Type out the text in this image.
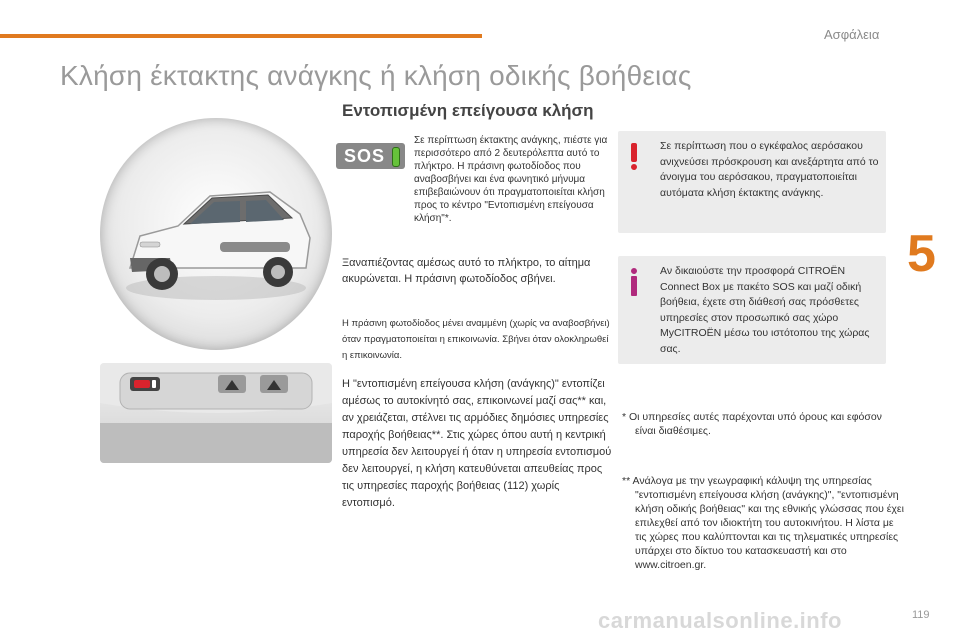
Ασφάλεια
Κλήση έκτακτης ανάγκης ή κλήση οδικής βοήθειας
Εντοπισμένη επείγουσα κλήση
5
SOS
Σε περίπτωση έκτακτης ανάγκης, πιέστε για περισσότερο από 2 δευτερόλεπτα αυτό το πλήκτρο. Η πράσινη φωτοδίοδος που αναβοσβήνει και ένα φωνητικό μήνυμα επιβεβαιώνουν ότι πραγματοποιείται κλήση προς το κέντρο "Εντοπισμένη επείγουσα κλήση"*.
Ξαναπιέζοντας αμέσως αυτό το πλήκτρο, το αίτημα ακυρώνεται. Η πράσινη φωτοδίοδος σβήνει.
Η πράσινη φωτοδίοδος μένει αναμμένη (χωρίς να αναβοσβήνει) όταν πραγματοποιείται η επικοινωνία. Σβήνει όταν ολοκληρωθεί η επικοινωνία.
Η "εντοπισμένη επείγουσα κλήση (ανάγκης)" εντοπίζει αμέσως το αυτοκίνητό σας, επικοινωνεί μαζί σας** και, αν χρειάζεται, στέλνει τις αρμόδιες δημόσιες υπηρεσίες παροχής βοήθειας**. Στις χώρες όπου αυτή η κεντρική υπηρεσία δεν λειτουργεί ή όταν η υπηρεσία εντοπισμού δεν λειτουργεί, η κλήση κατευθύνεται απευθείας προς τις υπηρεσίες παροχής βοήθειας (112) χωρίς εντοπισμό.
Σε περίπτωση που ο εγκέφαλος αερόσακου ανιχνεύσει πρόσκρουση και ανεξάρτητα από το άνοιγμα του αερόσακου, πραγματοποιείται αυτόματα κλήση έκτακτης ανάγκης.
Αν δικαιούστε την προσφορά CITROËN Connect Box με πακέτο SOS και μαζί οδική βοήθεια, έχετε στη διάθεσή σας πρόσθετες υπηρεσίες στον προσωπικό σας χώρο MyCITROËN μέσω του ιστότοπου της χώρας σας.
* Οι υπηρεσίες αυτές παρέχονται υπό όρους και εφόσον είναι διαθέσιμες.
** Ανάλογα με την γεωγραφική κάλυψη της υπηρεσίας "εντοπισμένη επείγουσα κλήση (ανάγκης)", "εντοπισμένη κλήση οδικής βοήθειας" και της εθνικής γλώσσας που έχει επιλεχθεί από τον ιδιοκτήτη του αυτοκινήτου. Η λίστα με τις χώρες που καλύπτονται και τις τηλεματικές υπηρεσίες υπάρχει στο δίκτυο του κατασκευαστή και στο www.citroen.gr.
119
carmanualsonline.info
